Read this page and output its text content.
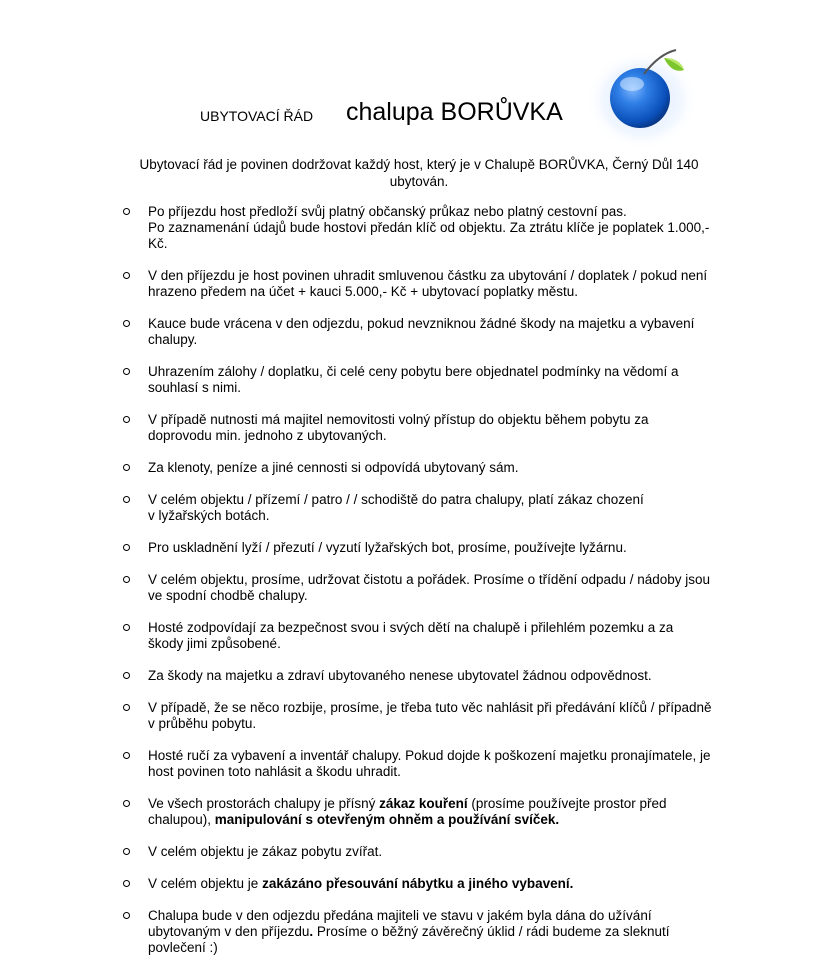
UBYTOVACÍ ŘÁD chalupa BORŮVKA
Ubytovací řád je povinen dodržovat každý host, který je v Chalupě BORŮVKA, Černý Důl 140
ubytován.
Po příjezdu host předloží svůj platný občanský průkaz nebo platný cestovní pas.
Po zaznamenání údajů bude hostovi předán klíč od objektu. Za ztrátu klíče je poplatek 1.000,-
Kč.
V den příjezdu je host povinen uhradit smluvenou částku za ubytování / doplatek / pokud není
hrazeno předem na účet + kauci 5.000,- Kč + ubytovací poplatky městu.
Kauce bude vrácena v den odjezdu, pokud nevzniknou žádné škody na majetku a vybavení
chalupy.
Uhrazením zálohy / doplatku, či celé ceny pobytu bere objednatel podmínky na vědomí a
souhlasí s nimi.
V případě nutnosti má majitel nemovitosti volný přístup do objektu během pobytu za
doprovodu min. jednoho z ubytovaných.
Za klenoty, peníze a jiné cennosti si odpovídá ubytovaný sám.
V celém objektu / přízemí / patro / / schodiště do patra chalupy, platí zákaz chození
v lyžařských botách.
Pro uskladnění lyží / přezutí / vyzutí lyžařských bot, prosíme, používejte lyžárnu.
V celém objektu, prosíme, udržovat čistotu a pořádek. Prosíme o třídění odpadu / nádoby jsou
ve spodní chodbě chalupy.
Hosté zodpovídají za bezpečnost svou i svých dětí na chalupě i přilehlém pozemku a za
škody jimi způsobené.
Za škody na majetku a zdraví ubytovaného nenese ubytovatel žádnou odpovědnost.
V případě, že se něco rozbije, prosíme, je třeba tuto věc nahlásit při předávání klíčů / případně
v průběhu pobytu.
Hosté ručí za vybavení a inventář chalupy. Pokud dojde k poškození majetku pronajímatele, je
host povinen toto nahlásit a škodu uhradit.
Ve všech prostorách chalupy je přísný zákaz kouření (prosíme používejte prostor před
chalupou), manipulování s otevřeným ohněm a používání svíček.
V celém objektu je zákaz pobytu zvířat.
V celém objektu je zakázáno přesouvání nábytku a jiného vybavení.
Chalupa bude v den odjezdu předána majiteli ve stavu v jakém byla dána do užívání
ubytovaným v den příjezdu. Prosíme o běžný závěrečný úklid / rádi budeme za sleknutí
povlečení :)
